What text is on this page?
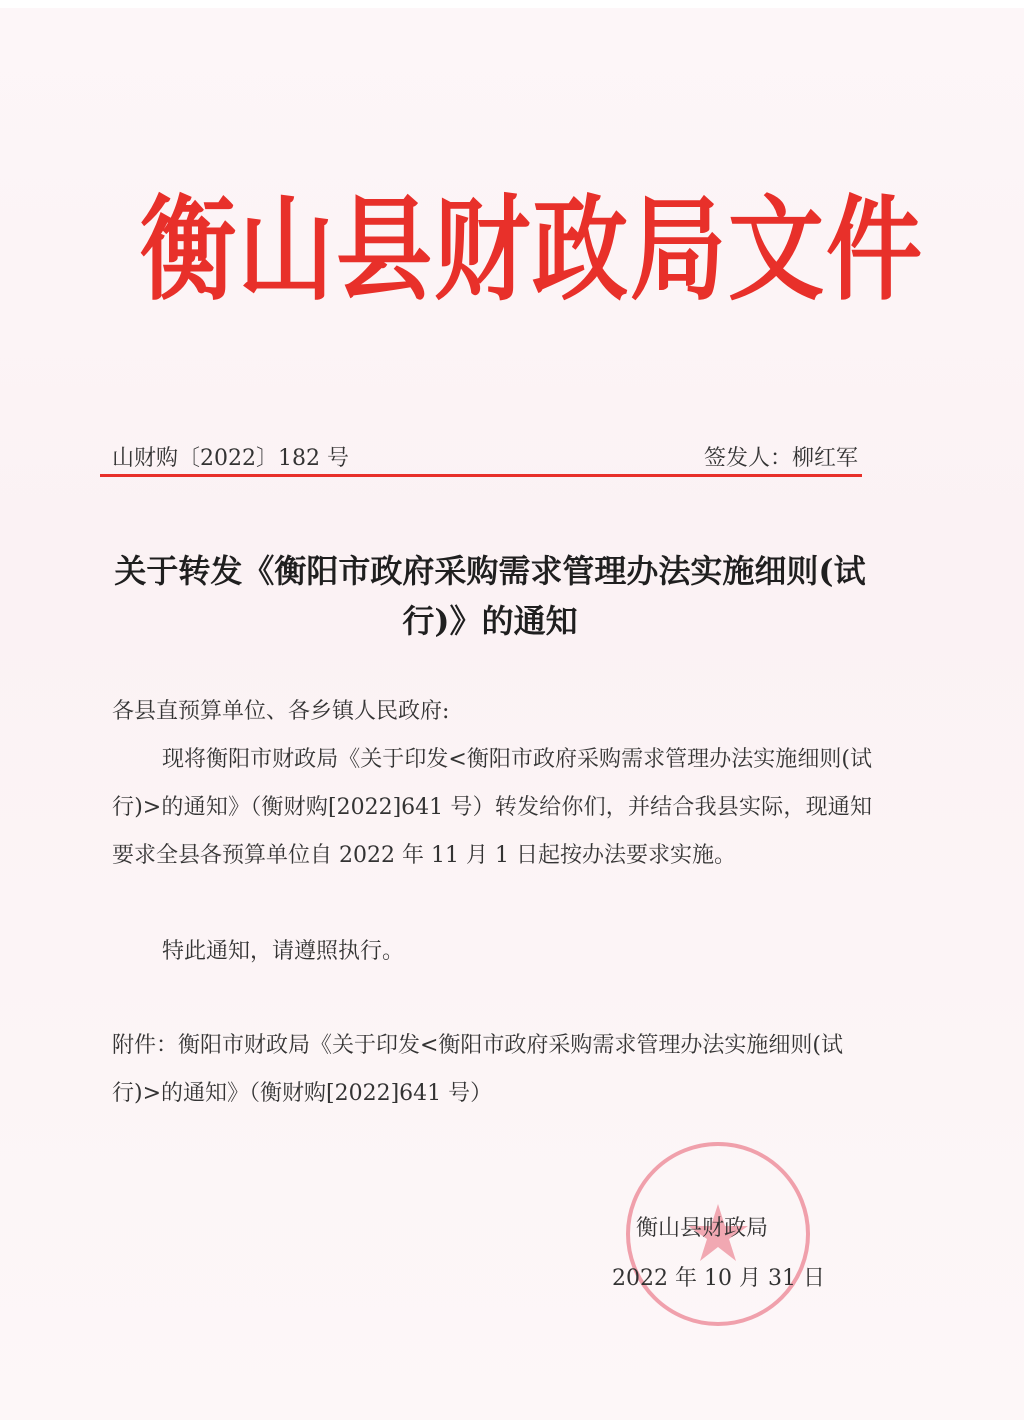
衡山县财政局文件
山财购〔2022〕182 号	签发人：柳红军
关于转发《衡阳市政府采购需求管理办法实施细则(试行)》的通知
各县直预算单位、各乡镇人民政府:
现将衡阳市财政局《关于印发<衡阳市政府采购需求管理办法实施细则(试行)>的通知》（衡财购[2022]641 号）转发给你们，并结合我县实际，现通知要求全县各预算单位自 2022 年 11 月 1 日起按办法要求实施。
特此通知，请遵照执行。
附件：衡阳市财政局《关于印发<衡阳市政府采购需求管理办法实施细则(试行)>的通知》（衡财购[2022]641 号）
衡山县财政局
2022 年 10 月 31 日
